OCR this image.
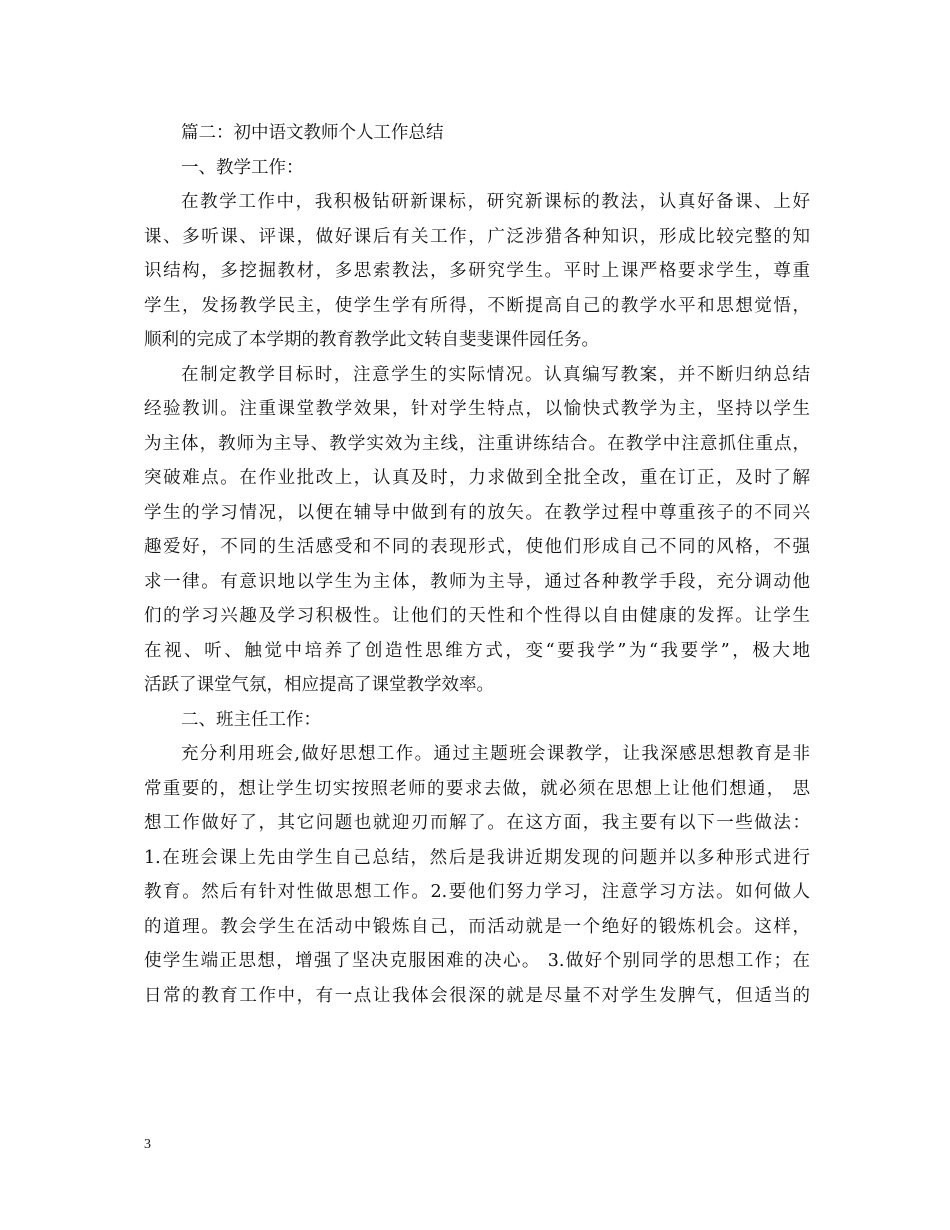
篇二：初中语文教师个人工作总结
一、教学工作：
在教学工作中，我积极钻研新课标，研究新课标的教法，认真好备课、上好
课、多听课、评课，做好课后有关工作，广泛涉猎各种知识，形成比较完整的知
识结构，多挖掘教材，多思索教法，多研究学生。平时上课严格要求学生，尊重
学生，发扬教学民主，使学生学有所得，不断提高自己的教学水平和思想觉悟，
顺利的完成了本学期的教育教学此文转自斐斐课件园任务。
在制定教学目标时，注意学生的实际情况。认真编写教案，并不断归纳总结
经验教训。注重课堂教学效果，针对学生特点，以愉快式教学为主，坚持以学生
为主体，教师为主导、教学实效为主线，注重讲练结合。在教学中注意抓住重点，
突破难点。在作业批改上，认真及时，力求做到全批全改，重在订正，及时了解
学生的学习情况，以便在辅导中做到有的放矢。在教学过程中尊重孩子的不同兴
趣爱好，不同的生活感受和不同的表现形式，使他们形成自己不同的风格，不强
求一律。有意识地以学生为主体，教师为主导，通过各种教学手段，充分调动他
们的学习兴趣及学习积极性。让他们的天性和个性得以自由健康的发挥。让学生
在视、听、触觉中培养了创造性思维方式，变“要我学”为“我要学”，极大地
活跃了课堂气氛，相应提高了课堂教学效率。
二、班主任工作：
充分利用班会,做好思想工作。通过主题班会课教学，让我深感思想教育是非
常重要的，想让学生切实按照老师的要求去做，就必须在思想上让他们想通， 思
想工作做好了，其它问题也就迎刃而解了。在这方面，我主要有以下一些做法：
1.在班会课上先由学生自己总结，然后是我讲近期发现的问题并以多种形式进行
教育。然后有针对性做思想工作。2.要他们努力学习，注意学习方法。如何做人
的道理。教会学生在活动中锻炼自己，而活动就是一个绝好的锻炼机会。这样，
使学生端正思想，增强了坚决克服困难的决心。 3.做好个别同学的思想工作；在
日常的教育工作中，有一点让我体会很深的就是尽量不对学生发脾气，但适当的
3
